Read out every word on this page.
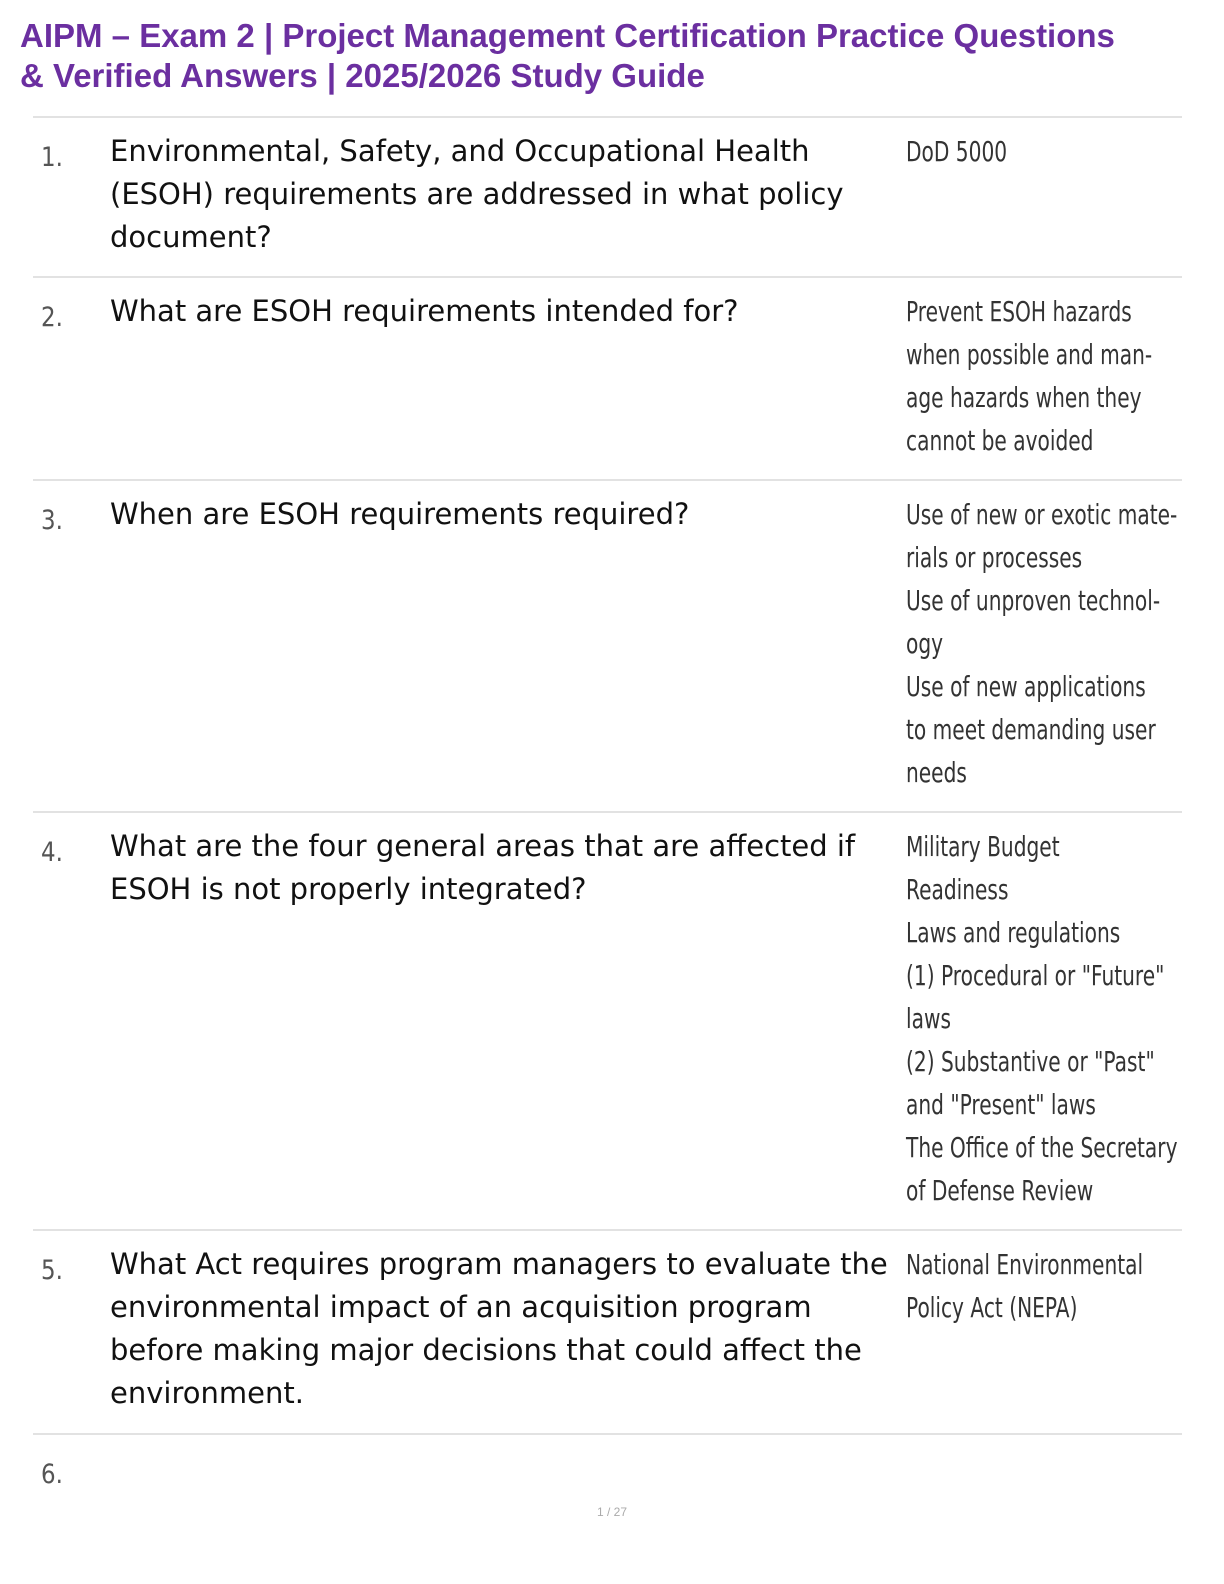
AIPM – Exam 2 | Project Management Certification Practice Questions
& Verified Answers | 2025/2026 Study Guide
1. Environmental, Safety, and Occupational Health (ESOH) requirements are addressed in what policy document?
DoD 5000
2. What are ESOH requirements intended for?	Prevent ESOH hazards
when possible and man-
age hazards when they
cannot be avoided
3. When are ESOH requirements required?	Use of new or exotic mate-
rials or processes
Use of unproven technol-
ogy
Use of new applications
to meet demanding user
needs
4. What are the four general areas that are affected if ESOH is not properly integrated?
Military Budget
Readiness
Laws and regulations
(1) Procedural or "Future"
laws
(2) Substantive or "Past"
and "Present" laws
The Office of the Secretary
of Defense Review
5. What Act requires program managers to evaluate the environmental impact of an acquisition program before making major decisions that could affect the environment.
National Environmental
Policy Act (NEPA)
6.
1 / 27
